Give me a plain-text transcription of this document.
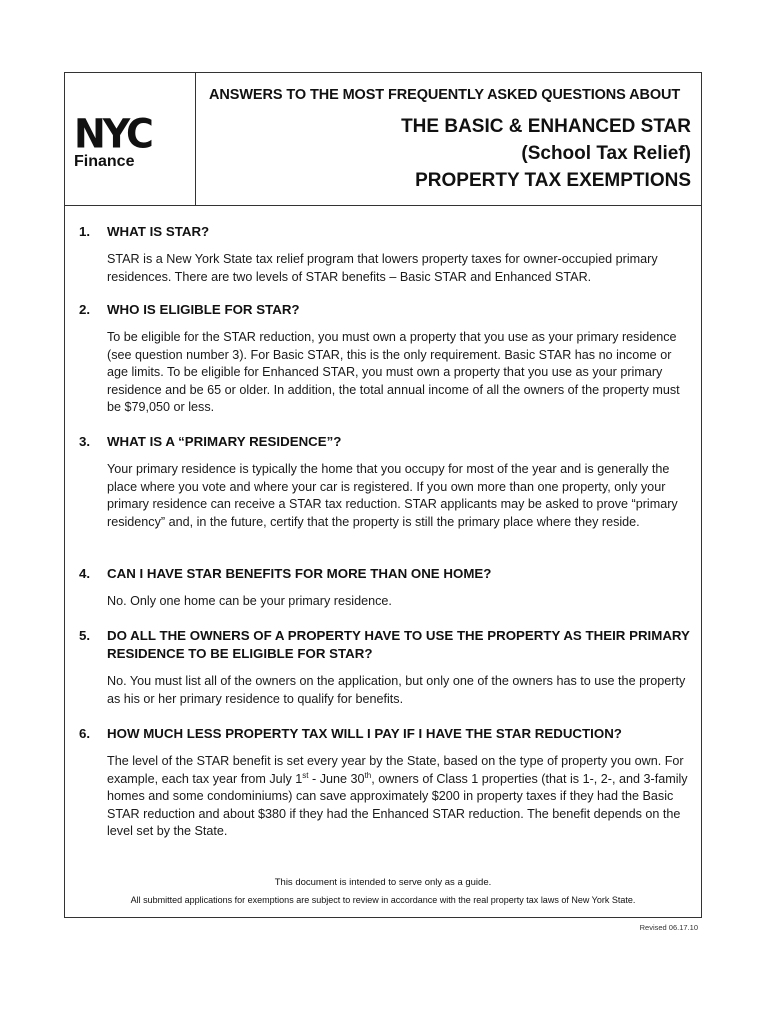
NYC
Finance
ANSWERS TO THE MOST FREQUENTLY ASKED QUESTIONS ABOUT
THE BASIC & ENHANCED STAR
(School Tax Relief)
PROPERTY TAX EXEMPTIONS
1.	WHAT IS STAR?
STAR is a New York State tax relief program that lowers property taxes for owner-occupied primary residences. There are two levels of STAR benefits – Basic STAR and Enhanced STAR.
2.	WHO IS ELIGIBLE FOR STAR?
To be eligible for the STAR reduction, you must own a property that you use as your primary residence (see question number 3). For Basic STAR, this is the only requirement. Basic STAR has no income or age limits. To be eligible for Enhanced STAR, you must own a property that you use as your primary residence and be 65 or older. In addition, the total annual income of all the owners of the property must be $79,050 or less.
3.	WHAT IS A “PRIMARY RESIDENCE”?
Your primary residence is typically the home that you occupy for most of the year and is generally the place where you vote and where your car is registered. If you own more than one property, only your primary residence can receive a STAR tax reduction. STAR applicants may be asked to prove “primary residency” and, in the future, certify that the property is still the primary place where they reside.
4.	CAN I HAVE STAR BENEFITS FOR MORE THAN ONE HOME?
No. Only one home can be your primary residence.
5.	DO ALL THE OWNERS OF A PROPERTY HAVE TO USE THE PROPERTY AS THEIR PRIMARY RESIDENCE TO BE ELIGIBLE FOR STAR?
No. You must list all of the owners on the application, but only one of the owners has to use the property as his or her primary residence to qualify for benefits.
6.	HOW MUCH LESS PROPERTY TAX WILL I PAY IF I HAVE THE STAR REDUCTION?
The level of the STAR benefit is set every year by the State, based on the type of property you own. For example, each tax year from July 1st - June 30th, owners of Class 1 properties (that is 1-, 2-, and 3-family homes and some condominiums) can save approximately $200 in property taxes if they had the Basic STAR reduction and about $380 if they had the Enhanced STAR reduction. The benefit depends on the level set by the State.
This document is intended to serve only as a guide.
All submitted applications for exemptions are subject to review in accordance with the real property tax laws of New York State.
Revised 06.17.10
